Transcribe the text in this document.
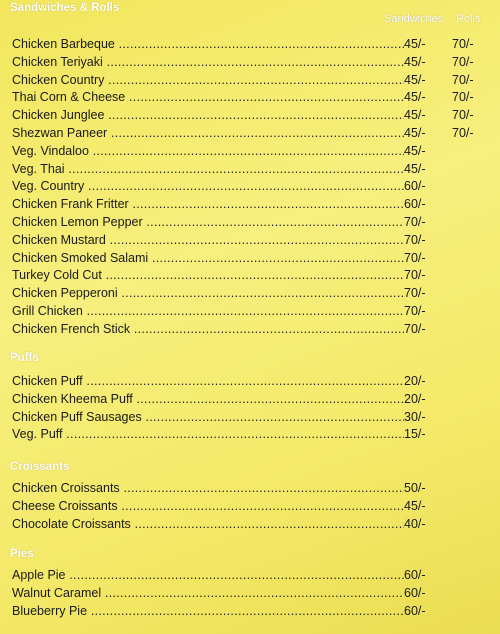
Sandwiches Rolls
Sandwiches & Rolls
Chicken Barbeque .....	45/- 70/-
Chicken Teriyaki .....	45/- 70/-
Chicken Country .....	45/- 70/-
Thai Corn & Cheese .....	45/- 70/-
Chicken Junglee .....	45/- 70/-
Shezwan Paneer .....	45/- 70/-
Veg. Vindaloo .....	45/-
Veg. Thai .....	45/-
Veg. Country .....	60/-
Chicken Frank Fritter .....	60/-
Chicken Lemon Pepper .....	70/-
Chicken Mustard .....	70/-
Chicken Smoked Salami .....	70/-
Turkey Cold Cut .....	70/-
Chicken Pepperoni .....	70/-
Grill Chicken .....	70/-
Chicken French Stick .....	70/-
Puffs
Chicken Puff .....	20/-
Chicken Kheema Puff .....	20/-
Chicken Puff Sausages .....	30/-
Veg. Puff .....	15/-
Croissants
Chicken Croissants .....	50/-
Cheese Croissants .....	45/-
Chocolate Croissants .....	40/-
Pies
Apple Pie .....	60/-
Walnut Caramel .....	60/-
Blueberry Pie .....	60/-
